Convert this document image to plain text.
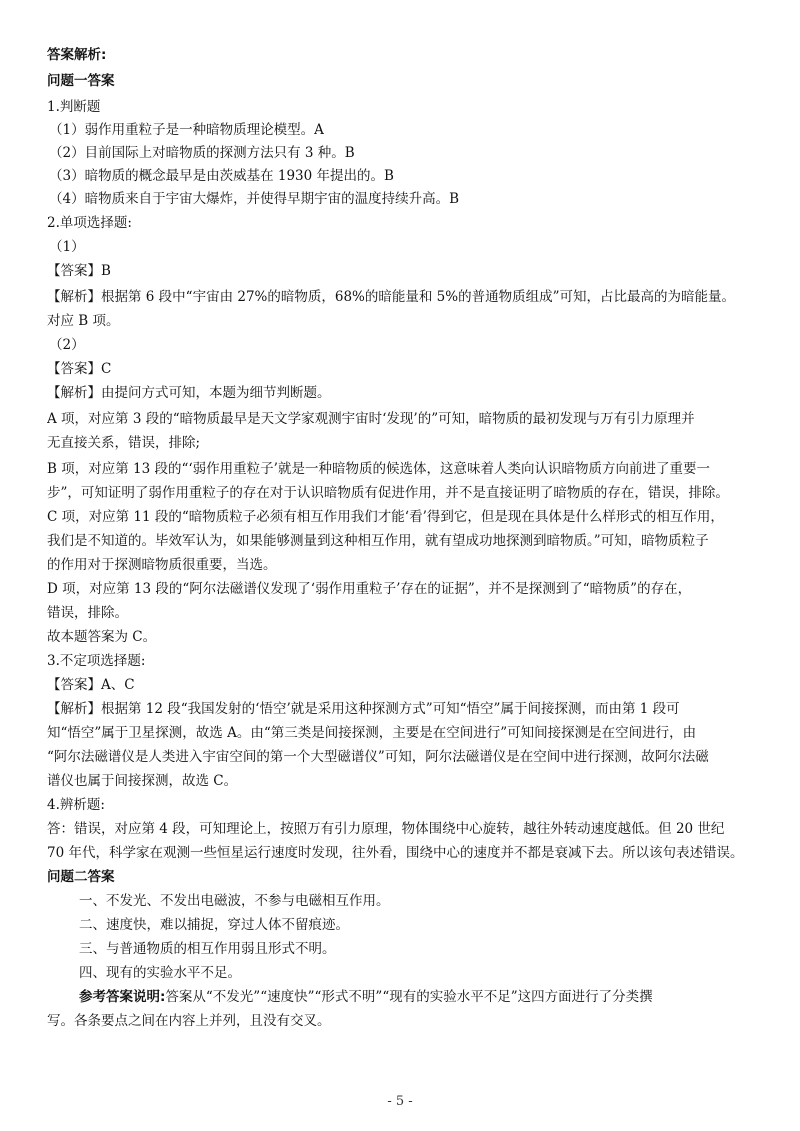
答案解析:
问题一答案
1.判断题
（1）弱作用重粒子是一种暗物质理论模型。A
（2）目前国际上对暗物质的探测方法只有 3 种。B
（3）暗物质的概念最早是由茨威基在 1930 年提出的。B
（4）暗物质来自于宇宙大爆炸，并使得早期宇宙的温度持续升高。B
2.单项选择题:
（1）
【答案】B
【解析】根据第 6 段中“宇宙由 27%的暗物质，68%的暗能量和 5%的普通物质组成”可知，占比最高的为暗能量。
对应 B 项。
（2）
【答案】C
【解析】由提问方式可知，本题为细节判断题。
A 项，对应第 3 段的“暗物质最早是天文学家观测宇宙时‘发现’的”可知，暗物质的最初发现与万有引力原理并
无直接关系，错误，排除;
B 项，对应第 13 段的“‘弱作用重粒子’就是一种暗物质的候选体，这意味着人类向认识暗物质方向前进了重要一
步”，可知证明了弱作用重粒子的存在对于认识暗物质有促进作用，并不是直接证明了暗物质的存在，错误，排除。
C 项，对应第 11 段的“暗物质粒子必须有相互作用我们才能‘看’得到它，但是现在具体是什么样形式的相互作用，
我们是不知道的。毕效军认为，如果能够测量到这种相互作用，就有望成功地探测到暗物质。”可知，暗物质粒子
的作用对于探测暗物质很重要，当选。
D 项，对应第 13 段的“阿尔法磁谱仪发现了‘弱作用重粒子’存在的证据”，并不是探测到了“暗物质”的存在，
错误，排除。
故本题答案为 C。
3.不定项选择题:
【答案】A、C
【解析】根据第 12 段“我国发射的‘悟空’就是采用这种探测方式”可知“悟空”属于间接探测，而由第 1 段可
知“悟空”属于卫星探测，故选 A。由“第三类是间接探测，主要是在空间进行”可知间接探测是在空间进行，由
“阿尔法磁谱仪是人类进入宇宙空间的第一个大型磁谱仪”可知，阿尔法磁谱仪是在空间中进行探测，故阿尔法磁
谱仪也属于间接探测，故选 C。
4.辨析题:
答：错误，对应第 4 段，可知理论上，按照万有引力原理，物体围绕中心旋转，越往外转动速度越低。但 20 世纪
70 年代，科学家在观测一些恒星运行速度时发现，往外看，围绕中心的速度并不都是衰减下去。所以该句表述错误。
问题二答案
一、不发光、不发出电磁波，不参与电磁相互作用。
二、速度快，难以捕捉，穿过人体不留痕迹。
三、与普通物质的相互作用弱且形式不明。
四、现有的实验水平不足。
参考答案说明:答案从“不发光”“速度快”“形式不明”“现有的实验水平不足”这四方面进行了分类撰
写。各条要点之间在内容上并列，且没有交叉。
- 5 -
